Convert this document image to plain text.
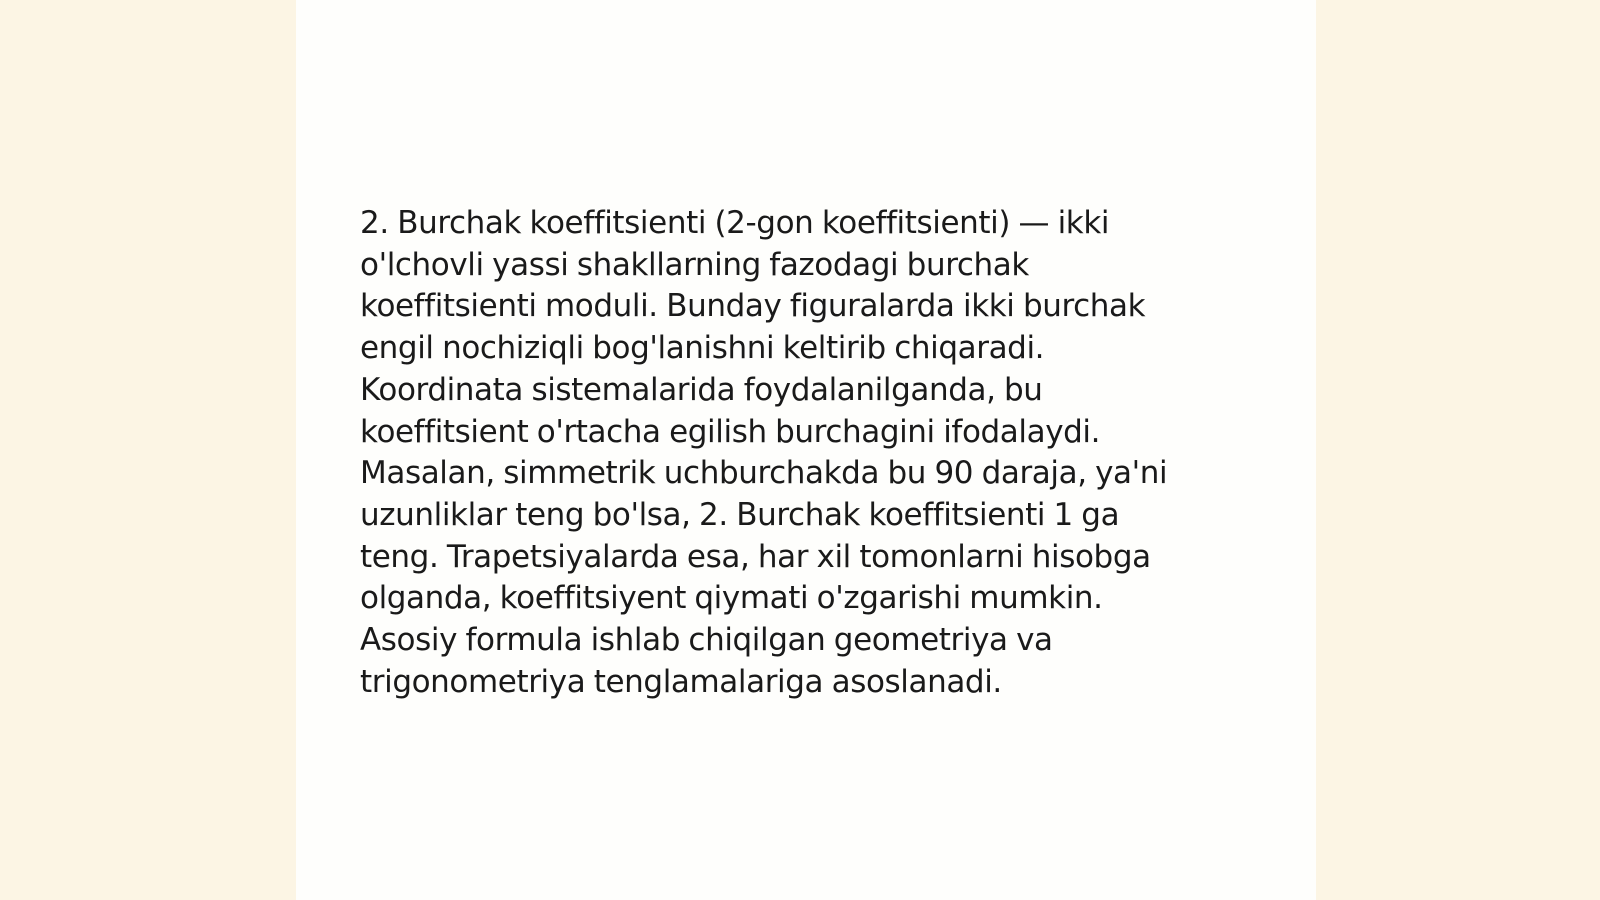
2. Burchak koeffitsienti (2-gon koeffitsienti) — ikki
o'lchovli yassi shakllarning fazodagi burchak
koeffitsienti moduli. Bunday figuralarda ikki burchak
engil nochiziqli bog'lanishni keltirib chiqaradi.
Koordinata sistemalarida foydalanilganda, bu
koeffitsient o'rtacha egilish burchagini ifodalaydi.
Masalan, simmetrik uchburchakda bu 90 daraja, ya'ni
uzunliklar teng bo'lsa, 2. Burchak koeffitsienti 1 ga
teng. Trapetsiyalarda esa, har xil tomonlarni hisobga
olganda, koeffitsiyent qiymati o'zgarishi mumkin.
Asosiy formula ishlab chiqilgan geometriya va
trigonometriya tenglamalariga asoslanadi.
